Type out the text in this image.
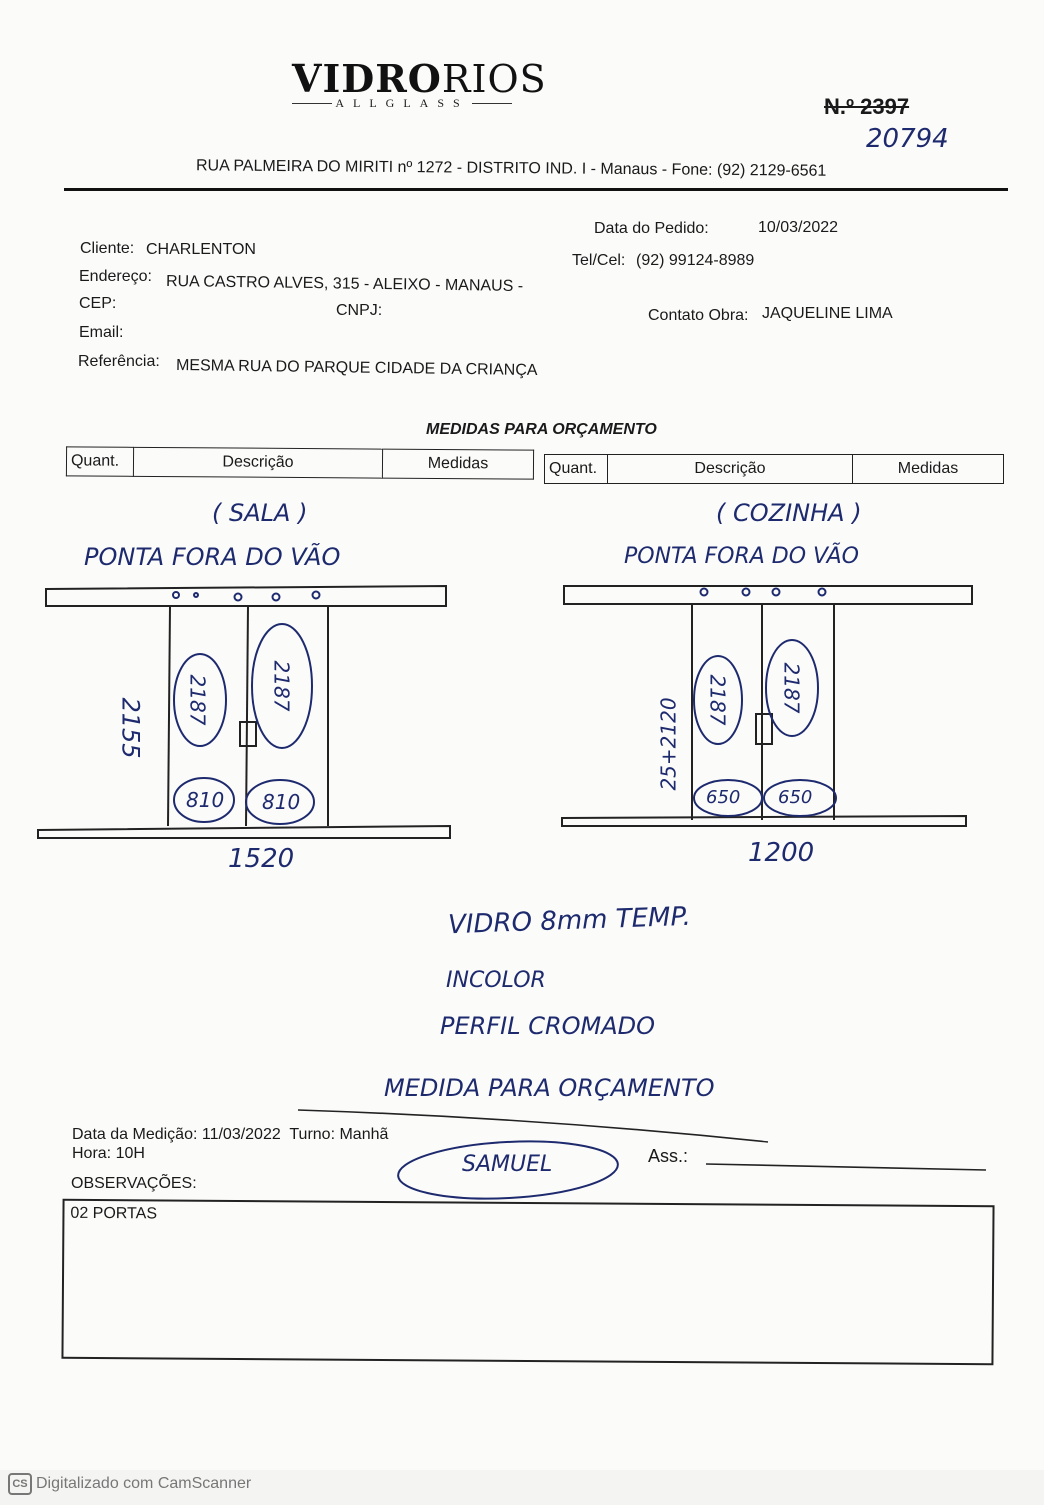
VIDRORIOS
ALLGLASS	N.º 2397
20794
RUA PALMEIRA DO MIRITI nº 1272 - DISTRITO IND. I - Manaus - Fone: (92) 2129-6561
Data do Pedido:	10/03/2022
Cliente: CHARLENTON
Tel/Cel: (92) 99124-8989
Endereço: RUA CASTRO ALVES, 315 - ALEIXO - MANAUS -
CEP:	CNPJ:	Contato Obra: JAQUELINE LIMA
Email:
Referência: MESMA RUA DO PARQUE CIDADE DA CRIANÇA
MEDIDAS PARA ORÇAMENTO
Quant.	Descrição	Medidas	Quant.	Descrição	Medidas
( SALA )
PONTA FORA DO VÃO
( COZINHA )
PONTA FORA DO VÃO
2155 2187	2187
810 810
1520
25+2120 2187	2187
650 650
1200
VIDRO 8mm TEMP.
INCOLOR
PERFIL CROMADO
MEDIDA PARA ORÇAMENTO
Data da Medição: 11/03/2022 Turno: Manhã
Hora: 10H	SAMUEL	Ass.:
OBSERVAÇÕES:
02 PORTAS
CS Digitalizado com CamScanner
